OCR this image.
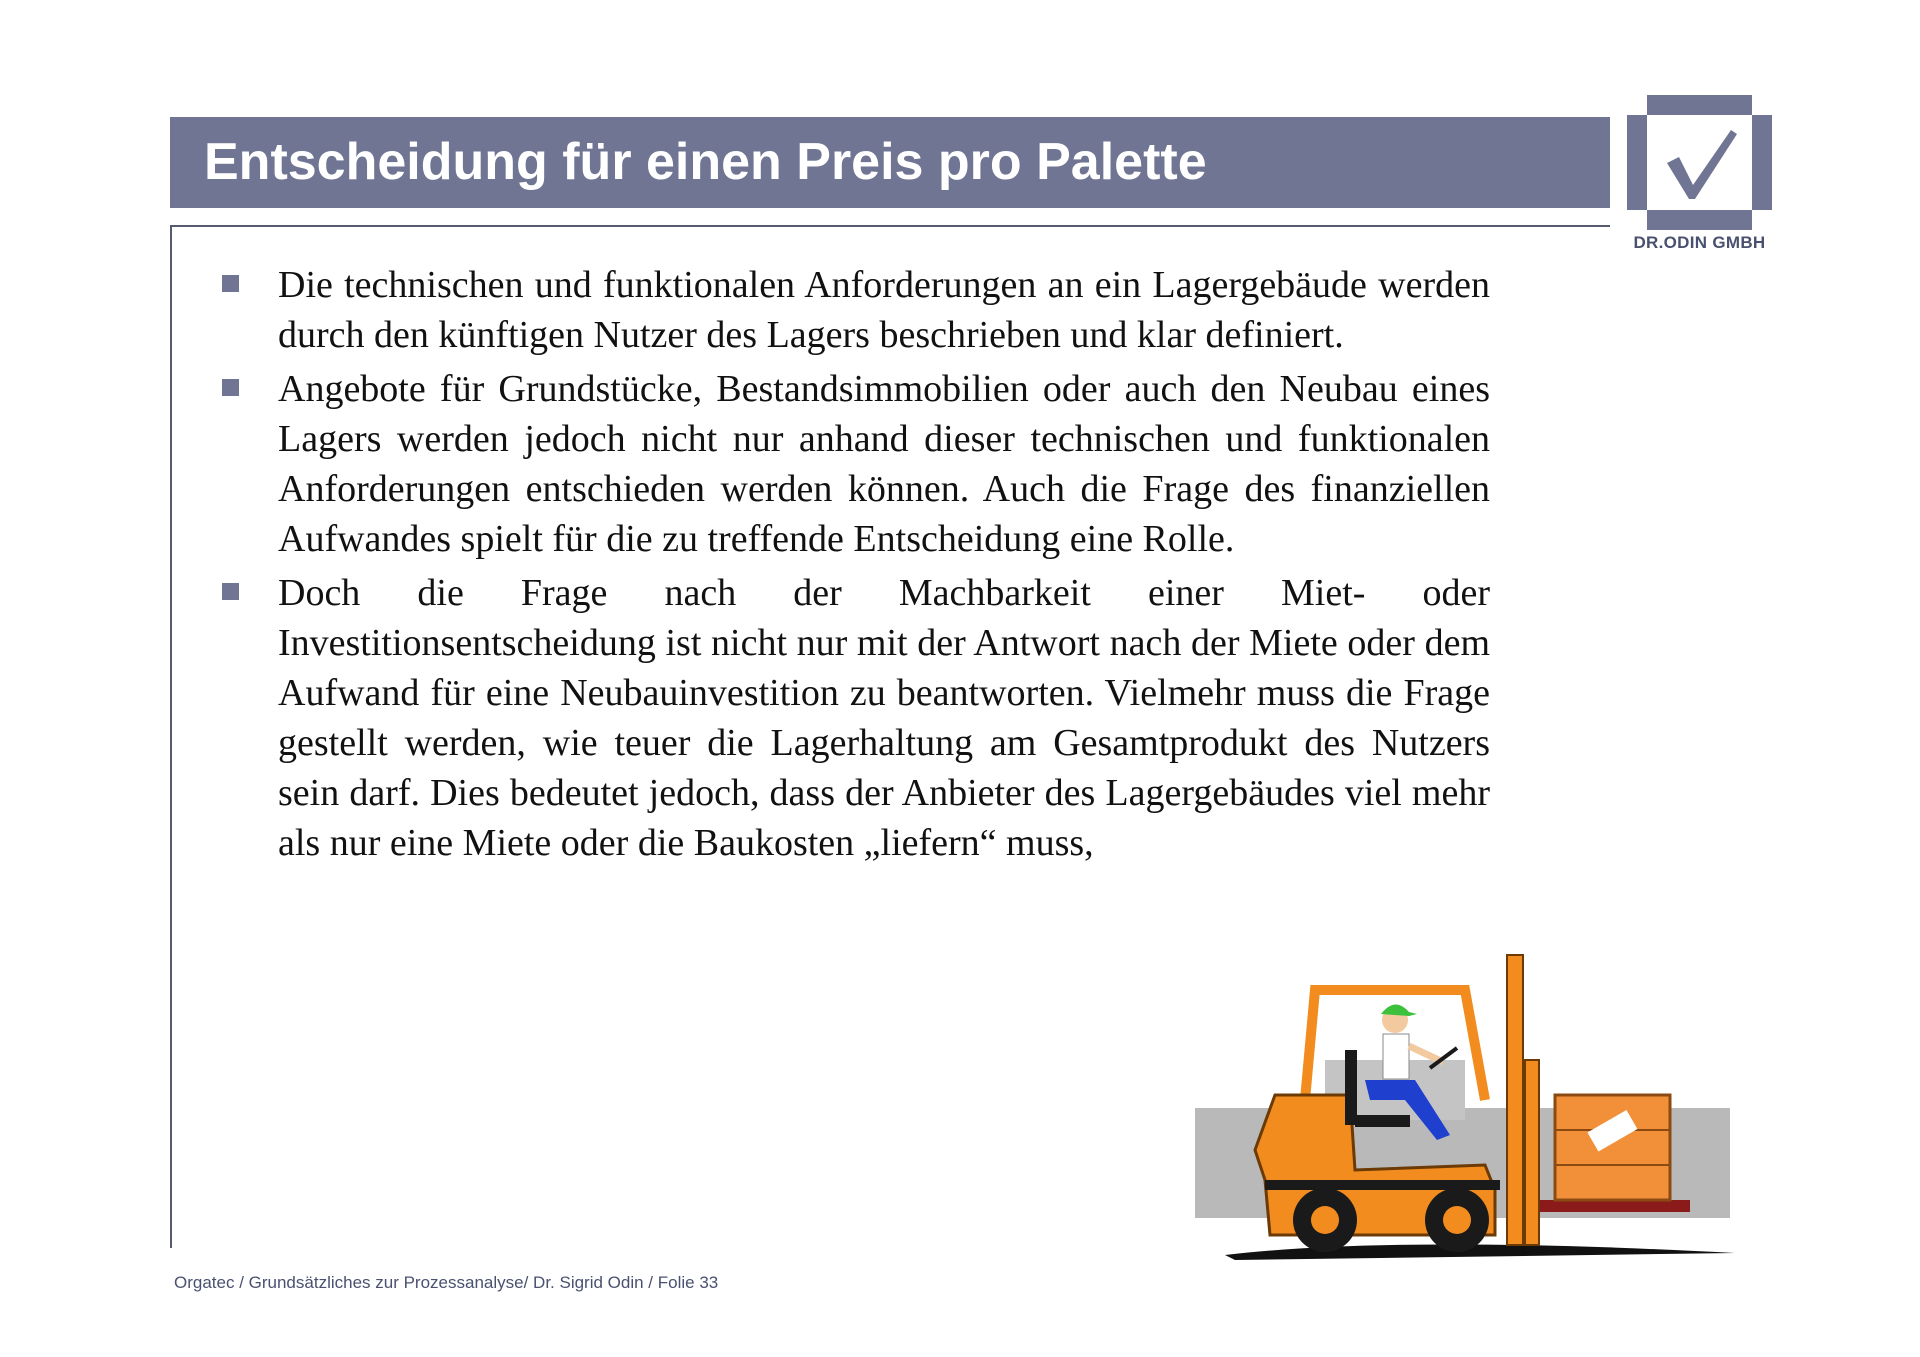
Entscheidung für einen Preis pro Palette
DR.ODIN GMBH

Die technischen und funktionalen Anforderungen an ein Lagergebäude werden durch den künftigen Nutzer des Lagers beschrieben und klar definiert.

Angebote für Grundstücke, Bestandsimmobilien oder auch den Neubau eines Lagers werden jedoch nicht nur anhand dieser technischen und funktionalen Anforderungen entschieden werden können. Auch die Frage des finanziellen Aufwandes spielt für die zu treffende Entscheidung eine Rolle.

Doch die Frage nach der Machbarkeit einer Miet- oder Investitionsentscheidung ist nicht nur mit der Antwort nach der Miete oder dem Aufwand für eine Neubauinvestition zu beantworten. Vielmehr muss die Frage gestellt werden, wie teuer die Lagerhaltung am Gesamtprodukt des Nutzers sein darf. Dies bedeutet jedoch, dass der Anbieter des Lagergebäudes viel mehr als nur eine Miete oder die Baukosten „liefern“ muss,

Orgatec / Grundsätzliches zur Prozessanalyse/ Dr. Sigrid Odin / Folie 33
